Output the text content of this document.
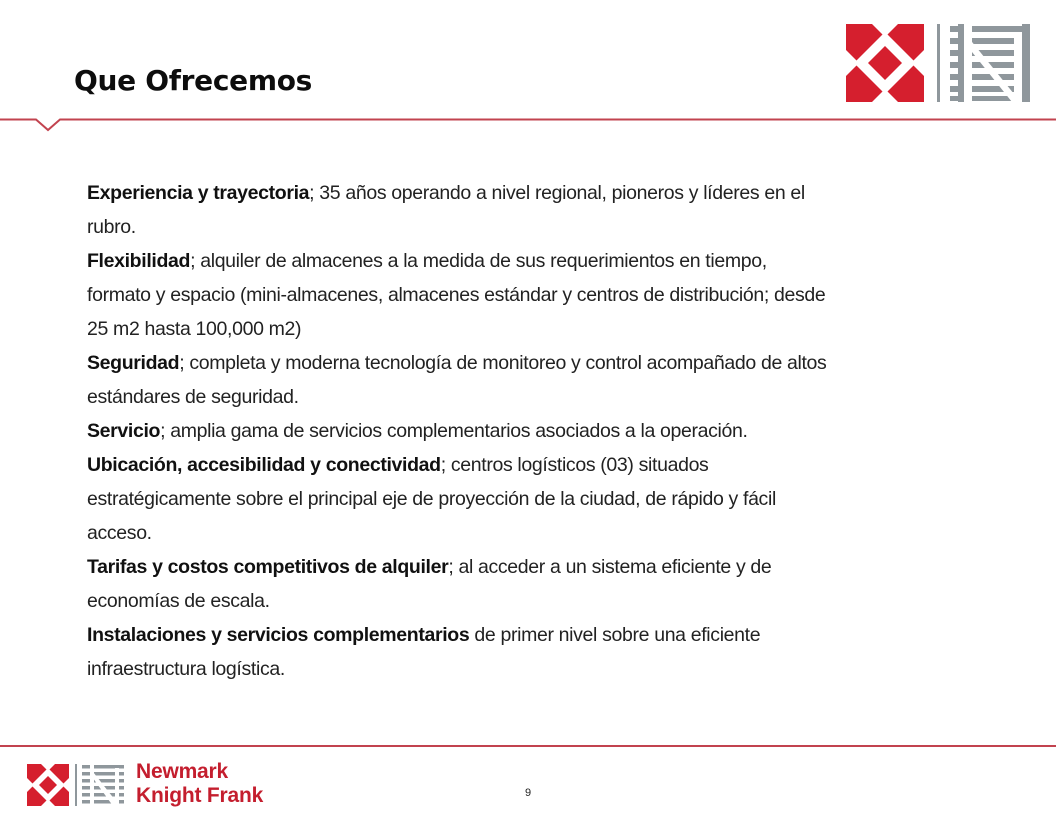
Que Ofrecemos

Experiencia y trayectoria; 35 años operando a nivel regional, pioneros y líderes en el rubro.

Flexibilidad; alquiler de almacenes a la medida de sus requerimientos en tiempo, formato y espacio (mini-almacenes, almacenes estándar y centros de distribución; desde 25 m2 hasta 100,000 m2)

Seguridad; completa y moderna tecnología de monitoreo y control acompañado de altos estándares de seguridad.

Servicio; amplia gama de servicios complementarios asociados a la operación.

Ubicación, accesibilidad y conectividad; centros logísticos (03) situados estratégicamente sobre el principal eje de proyección de la ciudad, de rápido y fácil acceso.

Tarifas y costos competitivos de alquiler; al acceder a un sistema eficiente y de economías de escala.

Instalaciones y servicios complementarios de primer nivel sobre una eficiente infraestructura logística.

Newmark
Knight Frank	9
